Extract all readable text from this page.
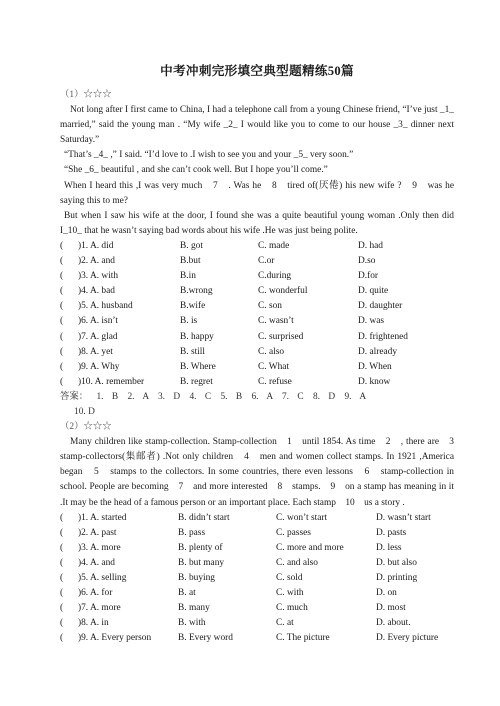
中考冲刺完形填空典型题精练50篇

（1）☆☆☆

Not long after I first came to China, I had a telephone call from a young Chinese friend, “I’ve just _1_ married,” said the young man . “My wife _2_ I would like you to come to our house _3_ dinner next Saturday.”

“That’s _4_ ,” I said. “I’d love to .I wish to see you and your _5_ very soon.”

“She _6_ beautiful , and she can’t cook well. But I hope you’ll come.”

When I heard this ,I was very much　7　. Was he　8　tired of(厌倦) his new wife ?　9　was he saying this to me?

But when I saw his wife at the door, I found she was a quite beautiful young woman .Only then did I_10_ that he wasn’t saying bad words about his wife .He was just being polite.

(	)1. A. did	B. got	C. made	D. had
(	)2. A. and	B.but	C.or	D.so
(	)3. A. with	B.in	C.during	D.for
(	)4. A. bad	B.wrong	C. wonderful	D. quite
(	)5. A. husband	B.wife	C. son	D. daughter
(	)6. A. isn’t	B. is	C. wasn’t	D. was
(	)7. A. glad	B. happy	C. surprised	D. frightened
(	)8. A. yet	B. still	C. also	D. already
(	)9. A. Why	B. Where	C. What	D. When
(	)10. A. remember	B. regret	C. refuse	D. know

答案： 1. B　2. A　3. D　4. C　5. B　6. A　7. C　8. D　9. A

10. D

（2）☆☆☆

Many children like stamp-collection. Stamp-collection　1　until 1854. As time　2　, there are　3　stamp-collectors(集邮者) .Not only children　4　men and women collect stamps. In 1921 ,America began　5　stamps to the collectors. In some countries, there even lessons　6　stamp-collection in school. People are becoming　7　and more interested　8　stamps.　9　on a stamp has meaning in it .It may be the head of a famous person or an important place. Each stamp　10　us a story .

(	)1. A. started	B. didn’t start	C. won’t start	D. wasn’t start
(	)2. A. past	B. pass	C. passes	D. pasts
(	)3. A. more	B. plenty of	C. more and more	D. less
(	)4. A. and	B. but many	C. and also	D. but also
(	)5. A. selling	B. buying	C. sold	D. printing
(	)6. A. for	B. at	C. with	D. on
(	)7. A. more	B. many	C. much	D. most
(	)8. A. in	B. with	C. at	D. about.
(	)9. A. Every person	B. Every word	C. The picture	D. Every picture
